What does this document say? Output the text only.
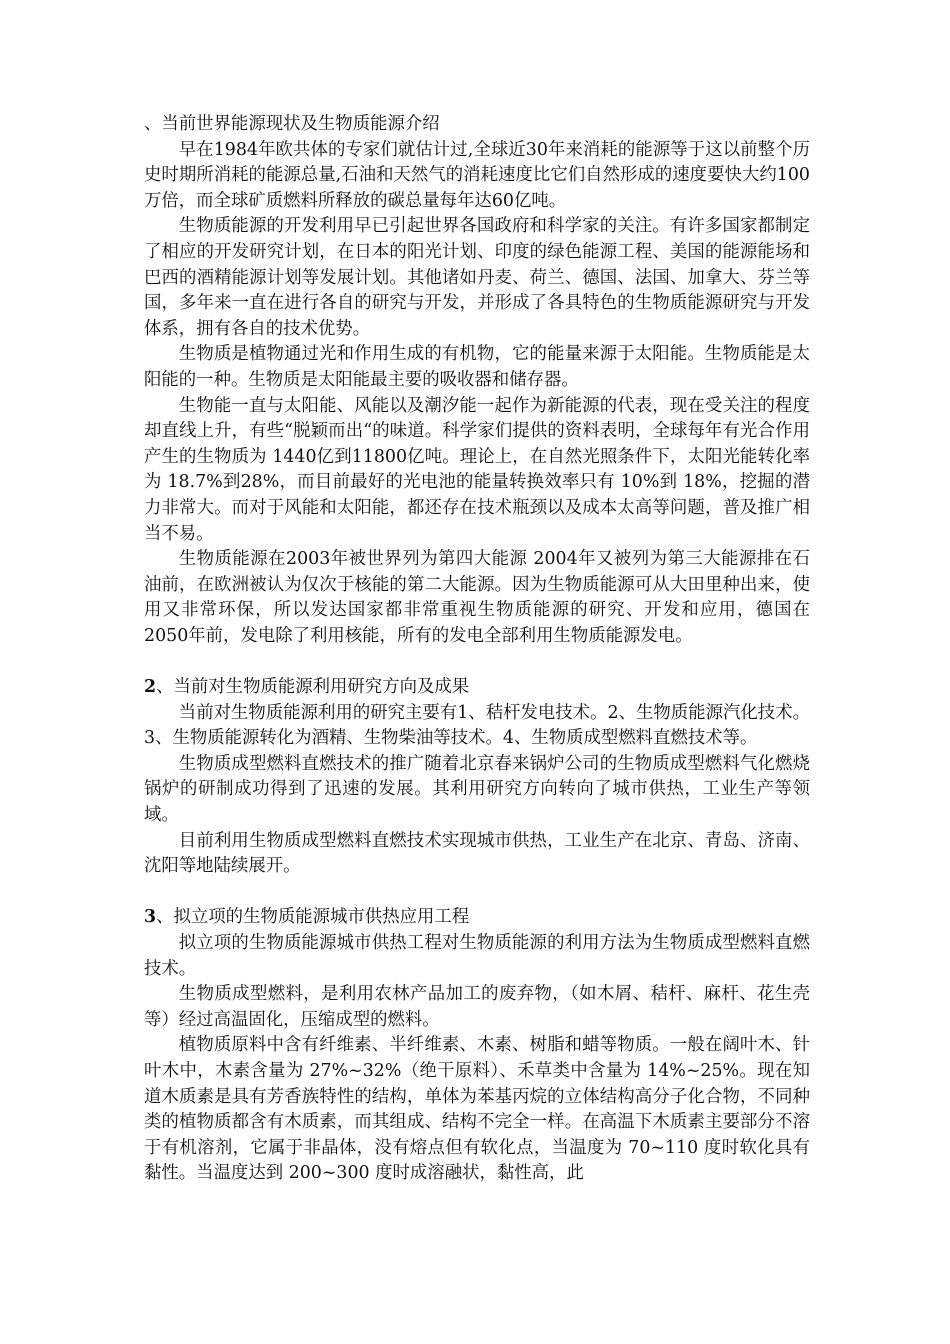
、当前世界能源现状及生物质能源介绍
早在1984年欧共体的专家们就估计过,全球近30年来消耗的能源等于这以前整个历史时期所消耗的能源总量,石油和天然气的消耗速度比它们自然形成的速度要快大约100万倍，而全球矿质燃料所释放的碳总量每年达60亿吨。
生物质能源的开发利用早已引起世界各国政府和科学家的关注。有许多国家都制定了相应的开发研究计划，在日本的阳光计划、印度的绿色能源工程、美国的能源能场和巴西的酒精能源计划等发展计划。其他诸如丹麦、荷兰、德国、法国、加拿大、芬兰等国，多年来一直在进行各自的研究与开发，并形成了各具特色的生物质能源研究与开发体系，拥有各自的技术优势。
生物质是植物通过光和作用生成的有机物，它的能量来源于太阳能。生物质能是太阳能的一种。生物质是太阳能最主要的吸收器和储存器。
生物能一直与太阳能、风能以及潮汐能一起作为新能源的代表，现在受关注的程度却直线上升，有些“脱颖而出“的味道。科学家们提供的资料表明，全球每年有光合作用产生的生物质为 1440亿到11800亿吨。理论上，在自然光照条件下，太阳光能转化率为 18.7%到28%，而目前最好的光电池的能量转换效率只有 10%到 18%，挖掘的潜力非常大。而对于风能和太阳能，都还存在技术瓶颈以及成本太高等问题，普及推广相当不易。
生物质能源在2003年被世界列为第四大能源 2004年又被列为第三大能源排在石油前，在欧洲被认为仅次于核能的第二大能源。因为生物质能源可从大田里种出来，使用又非常环保，所以发达国家都非常重视生物质能源的研究、开发和应用，德国在2050年前，发电除了利用核能，所有的发电全部利用生物质能源发电。
2、当前对生物质能源利用研究方向及成果
当前对生物质能源利用的研究主要有1、秸杆发电技术。2、生物质能源汽化技术。3、生物质能源转化为酒精、生物柴油等技术。4、生物质成型燃料直燃技术等。
生物质成型燃料直燃技术的推广随着北京春来锅炉公司的生物质成型燃料气化燃烧锅炉的研制成功得到了迅速的发展。其利用研究方向转向了城市供热，工业生产等领域。
目前利用生物质成型燃料直燃技术实现城市供热，工业生产在北京、青岛、济南、沈阳等地陆续展开。
3、拟立项的生物质能源城市供热应用工程
拟立项的生物质能源城市供热工程对生物质能源的利用方法为生物质成型燃料直燃技术。
生物质成型燃料，是利用农林产品加工的废弃物，（如木屑、秸杆、麻杆、花生壳等）经过高温固化，压缩成型的燃料。
植物质原料中含有纤维素、半纤维素、木素、树脂和蜡等物质。一般在阔叶木、针叶木中，木素含量为 27%~32%（绝干原料）、禾草类中含量为 14%~25%。现在知道木质素是具有芳香族特性的结构，单体为苯基丙烷的立体结构高分子化合物，不同种类的植物质都含有木质素，而其组成、结构不完全一样。在高温下木质素主要部分不溶于有机溶剂，它属于非晶体，没有熔点但有软化点，当温度为 70~110 度时软化具有黏性。当温度达到 200~300 度时成溶融状，黏性高，此
